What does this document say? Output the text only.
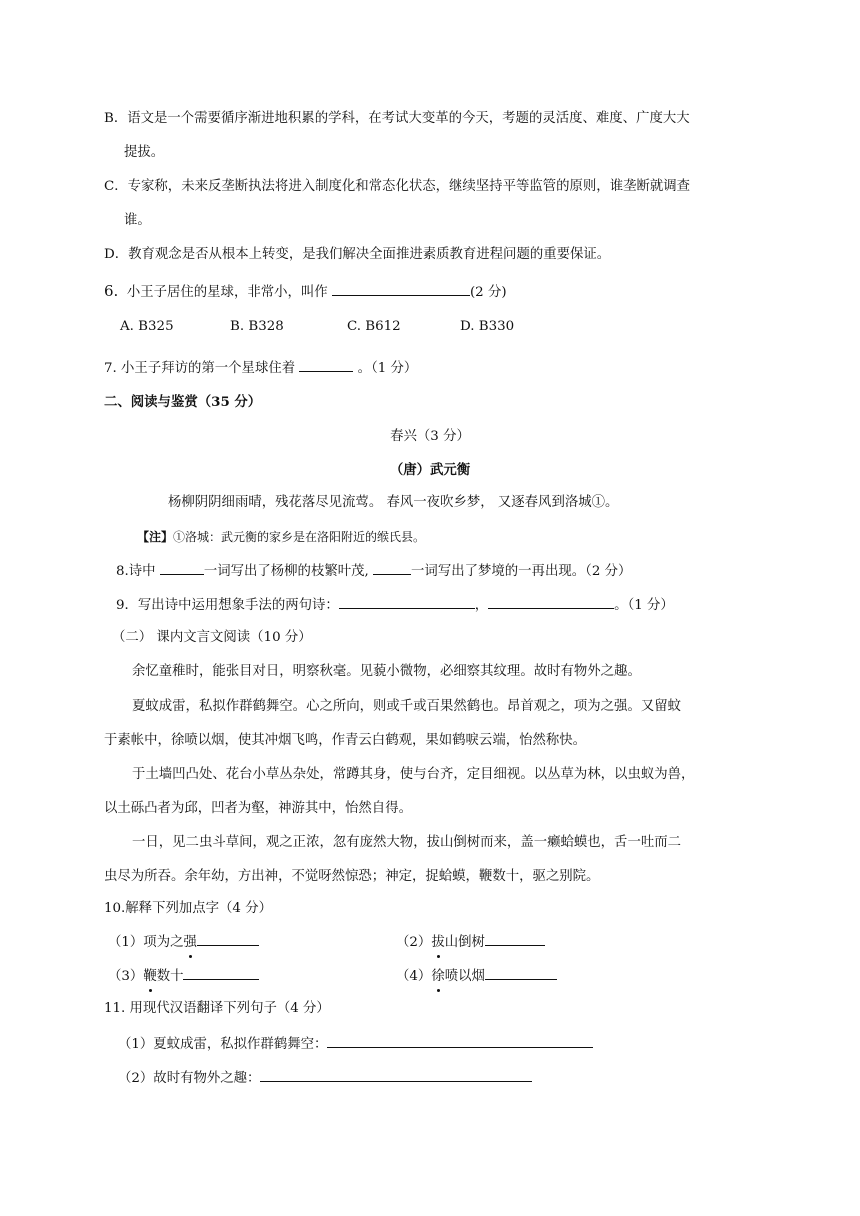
B．语文是一个需要循序渐进地积累的学科，在考试大变革的今天，考题的灵活度、难度、广度大大
提拔。
C．专家称，未来反垄断执法将进入制度化和常态化状态，继续坚持平等监管的原则，谁垄断就调查
谁。
D．教育观念是否从根本上转变，是我们解决全面推进素质教育进程问题的重要保证。
6. 小王子居住的星球，非常小，叫作	(2 分)
A. B325	B. B328	C. B612	D. B330
7. 小王子拜访的第一个星球住着	。（1 分）
二、阅读与鉴赏（35 分）
春兴（3 分）
（唐）武元衡
杨柳阴阴细雨晴，残花落尽见流莺。 春风一夜吹乡梦， 又逐春风到洛城①。
【注】①洛城：武元衡的家乡是在洛阳附近的缑氏县。
8.诗中	一词写出了杨柳的枝繁叶茂,	一词写出了梦境的一再出现。（2 分）
9．写出诗中运用想象手法的两句诗：	，	。（1 分）
（二） 课内文言文阅读（10 分）
余忆童稚时，能张目对日，明察秋毫。见藐小微物，必细察其纹理。故时有物外之趣。
夏蚊成雷，私拟作群鹤舞空。心之所向，则或千或百果然鹤也。昂首观之，项为之强。又留蚊
于素帐中，徐喷以烟，使其冲烟飞鸣，作青云白鹤观，果如鹤唳云端，怡然称快。
于土墙凹凸处、花台小草丛杂处，常蹲其身，使与台齐，定目细视。以丛草为林，以虫蚁为兽，
以土砾凸者为邱，凹者为壑，神游其中，怡然自得。
一日，见二虫斗草间，观之正浓，忽有庞然大物，拔山倒树而来，盖一癞蛤蟆也，舌一吐而二
虫尽为所吞。余年幼，方出神，不觉呀然惊恐；神定，捉蛤蟆，鞭数十，驱之别院。
10.解释下列加点字（4 分）
（1）项为之强	（2）拔山倒树
（3）鞭数十	（4）徐喷以烟
11. 用现代汉语翻译下列句子（4 分）
（1）夏蚊成雷，私拟作群鹤舞空：
（2）故时有物外之趣：
